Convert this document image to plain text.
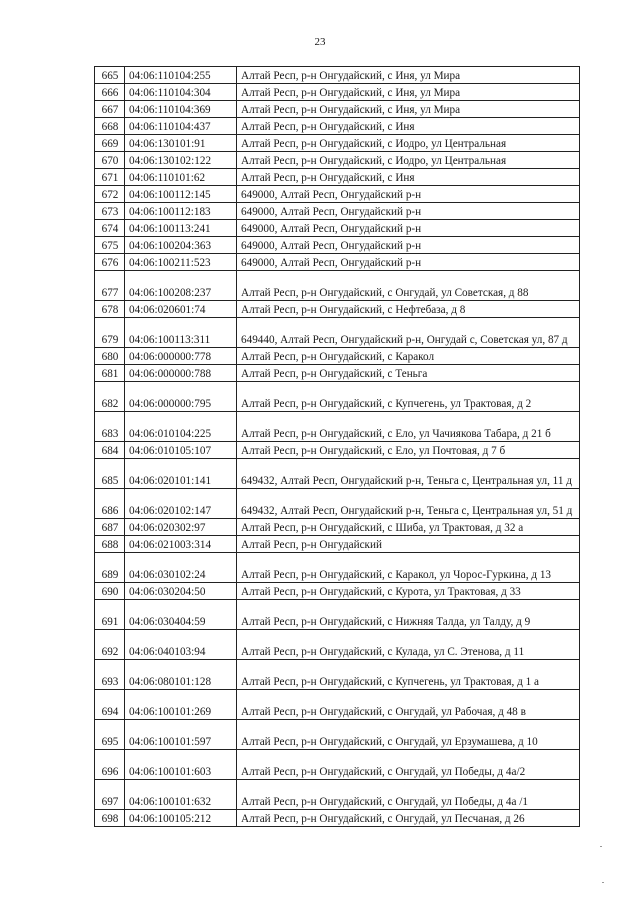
23
665	04:06:110104:255	Алтай Респ, р-н Онгудайский, с Иня, ул Мира
666	04:06:110104:304	Алтай Респ, р-н Онгудайский, с Иня, ул Мира
667	04:06:110104:369	Алтай Респ, р-н Онгудайский, с Иня, ул Мира
668	04:06:110104:437	Алтай Респ, р-н Онгудайский, с Иня
669	04:06:130101:91	Алтай Респ, р-н Онгудайский, с Иодро, ул Центральная
670	04:06:130102:122	Алтай Респ, р-н Онгудайский, с Иодро, ул Центральная
671	04:06:110101:62	Алтай Респ, р-н Онгудайский, с Иня
672	04:06:100112:145	649000, Алтай Респ, Онгудайский р-н
673	04:06:100112:183	649000, Алтай Респ, Онгудайский р-н
674	04:06:100113:241	649000, Алтай Респ, Онгудайский р-н
675	04:06:100204:363	649000, Алтай Респ, Онгудайский р-н
676	04:06:100211:523	649000, Алтай Респ, Онгудайский р-н
677	04:06:100208:237	Алтай Респ, р-н Онгудайский, с Онгудай, ул Советская, д 88
678	04:06:020601:74	Алтай Респ, р-н Онгудайский, с Нефтебаза, д 8
679	04:06:100113:311	649440, Алтай Респ, Онгудайский р-н, Онгудай с, Советская ул, 87 д
680	04:06:000000:778	Алтай Респ, р-н Онгудайский, с Каракол
681	04:06:000000:788	Алтай Респ, р-н Онгудайский, с Теньга
682	04:06:000000:795	Алтай Респ, р-н Онгудайский, с Купчегень, ул Трактовая, д 2
683	04:06:010104:225	Алтай Респ, р-н Онгудайский, с Ело, ул Чачиякова Табара, д 21 б
684	04:06:010105:107	Алтай Респ, р-н Онгудайский, с Ело, ул Почтовая, д 7 б
685	04:06:020101:141	649432, Алтай Респ, Онгудайский р-н, Теньга с, Центральная ул, 11 д
686	04:06:020102:147	649432, Алтай Респ, Онгудайский р-н, Теньга с, Центральная ул, 51 д
687	04:06:020302:97	Алтай Респ, р-н Онгудайский, с Шиба, ул Трактовая, д 32 а
688	04:06:021003:314	Алтай Респ, р-н Онгудайский
689	04:06:030102:24	Алтай Респ, р-н Онгудайский, с Каракол, ул Чорос-Гуркина, д 13
690	04:06:030204:50	Алтай Респ, р-н Онгудайский, с Курота, ул Трактовая, д 33
691	04:06:030404:59	Алтай Респ, р-н Онгудайский, с Нижняя Талда, ул Талду, д 9
692	04:06:040103:94	Алтай Респ, р-н Онгудайский, с Кулада, ул С. Этенова, д 11
693	04:06:080101:128	Алтай Респ, р-н Онгудайский, с Купчегень, ул Трактовая, д 1 а
694	04:06:100101:269	Алтай Респ, р-н Онгудайский, с Онгудай, ул Рабочая, д 48 в
695	04:06:100101:597	Алтай Респ, р-н Онгудайский, с Онгудай, ул Ерзумашева, д 10
696	04:06:100101:603	Алтай Респ, р-н Онгудайский, с Онгудай, ул Победы, д 4а/2
697	04:06:100101:632	Алтай Респ, р-н Онгудайский, с Онгудай, ул Победы, д 4а /1
698	04:06:100105:212	Алтай Респ, р-н Онгудайский, с Онгудай, ул Песчаная, д 26
